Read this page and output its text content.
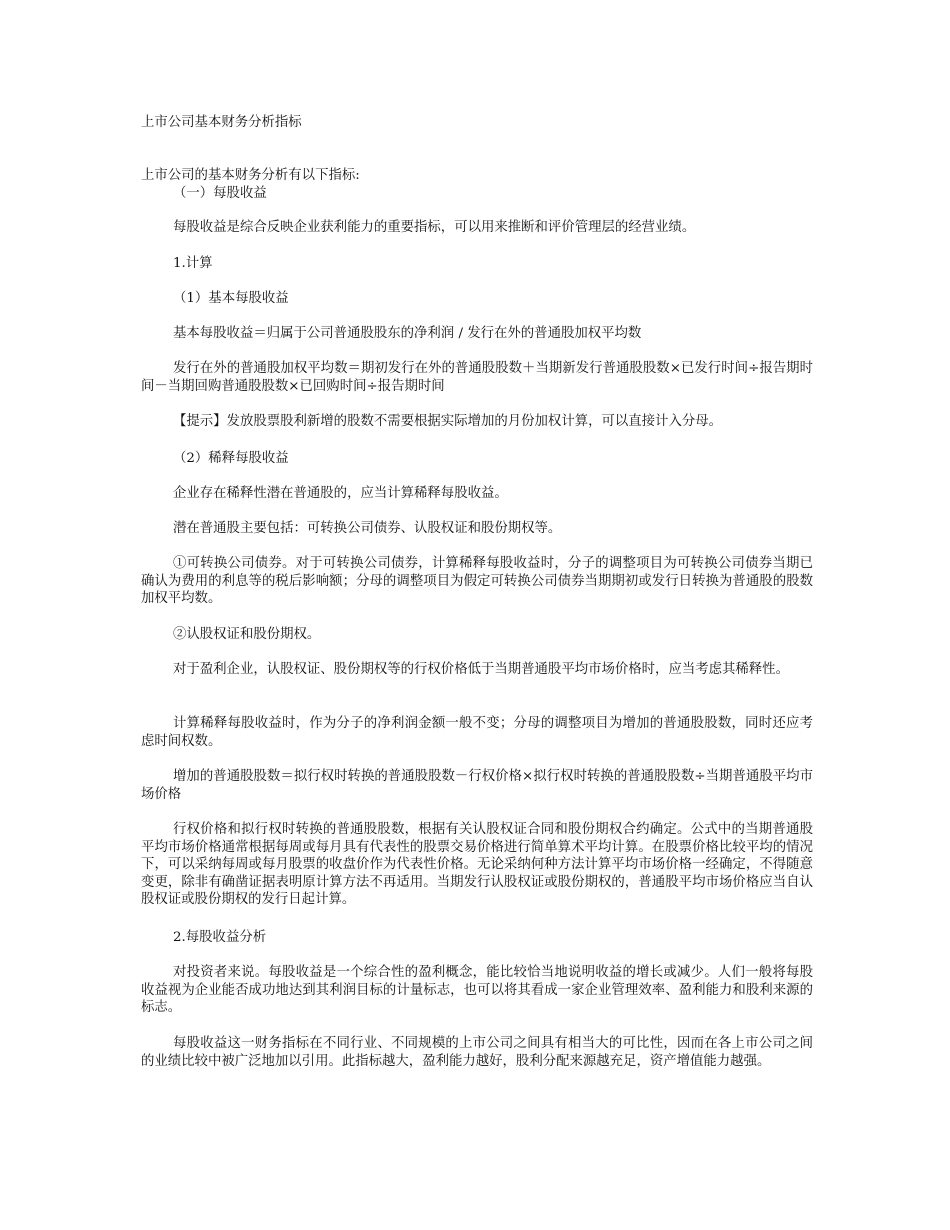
上市公司基本财务分析指标
上市公司的基本财务分析有以下指标:
（一）每股收益
每股收益是综合反映企业获利能力的重要指标，可以用来推断和评价管理层的经营业绩。
1.计算
（1）基本每股收益
基本每股收益＝归属于公司普通股股东的净利润 / 发行在外的普通股加权平均数
发行在外的普通股加权平均数＝期初发行在外的普通股股数＋当期新发行普通股股数×已发行时间÷报告期时间－当期回购普通股股数×已回购时间÷报告期时间
【提示】发放股票股利新增的股数不需要根据实际增加的月份加权计算，可以直接计入分母。
（2）稀释每股收益
企业存在稀释性潜在普通股的，应当计算稀释每股收益。
潜在普通股主要包括：可转换公司债券、认股权证和股份期权等。
①可转换公司债券。对于可转换公司债券，计算稀释每股收益时，分子的调整项目为可转换公司债券当期已确认为费用的利息等的税后影响额；分母的调整项目为假定可转换公司债券当期期初或发行日转换为普通股的股数加权平均数。
②认股权证和股份期权。
对于盈利企业，认股权证、股份期权等的行权价格低于当期普通股平均市场价格时，应当考虑其稀释性。
计算稀释每股收益时，作为分子的净利润金额一般不变；分母的调整项目为增加的普通股股数，同时还应考虑时间权数。
增加的普通股股数＝拟行权时转换的普通股股数－行权价格×拟行权时转换的普通股股数÷当期普通股平均市场价格
行权价格和拟行权时转换的普通股股数，根据有关认股权证合同和股份期权合约确定。公式中的当期普通股平均市场价格通常根据每周或每月具有代表性的股票交易价格进行简单算术平均计算。在股票价格比较平均的情况下，可以采纳每周或每月股票的收盘价作为代表性价格。无论采纳何种方法计算平均市场价格一经确定，不得随意变更，除非有确凿证据表明原计算方法不再适用。当期发行认股权证或股份期权的，普通股平均市场价格应当自认股权证或股份期权的发行日起计算。
2.每股收益分析
对投资者来说。每股收益是一个综合性的盈利概念，能比较恰当地说明收益的增长或减少。人们一般将每股收益视为企业能否成功地达到其利润目标的计量标志，也可以将其看成一家企业管理效率、盈利能力和股利来源的标志。
每股收益这一财务指标在不同行业、不同规模的上市公司之间具有相当大的可比性，因而在各上市公司之间的业绩比较中被广泛地加以引用。此指标越大，盈利能力越好，股利分配来源越充足，资产增值能力越强。
